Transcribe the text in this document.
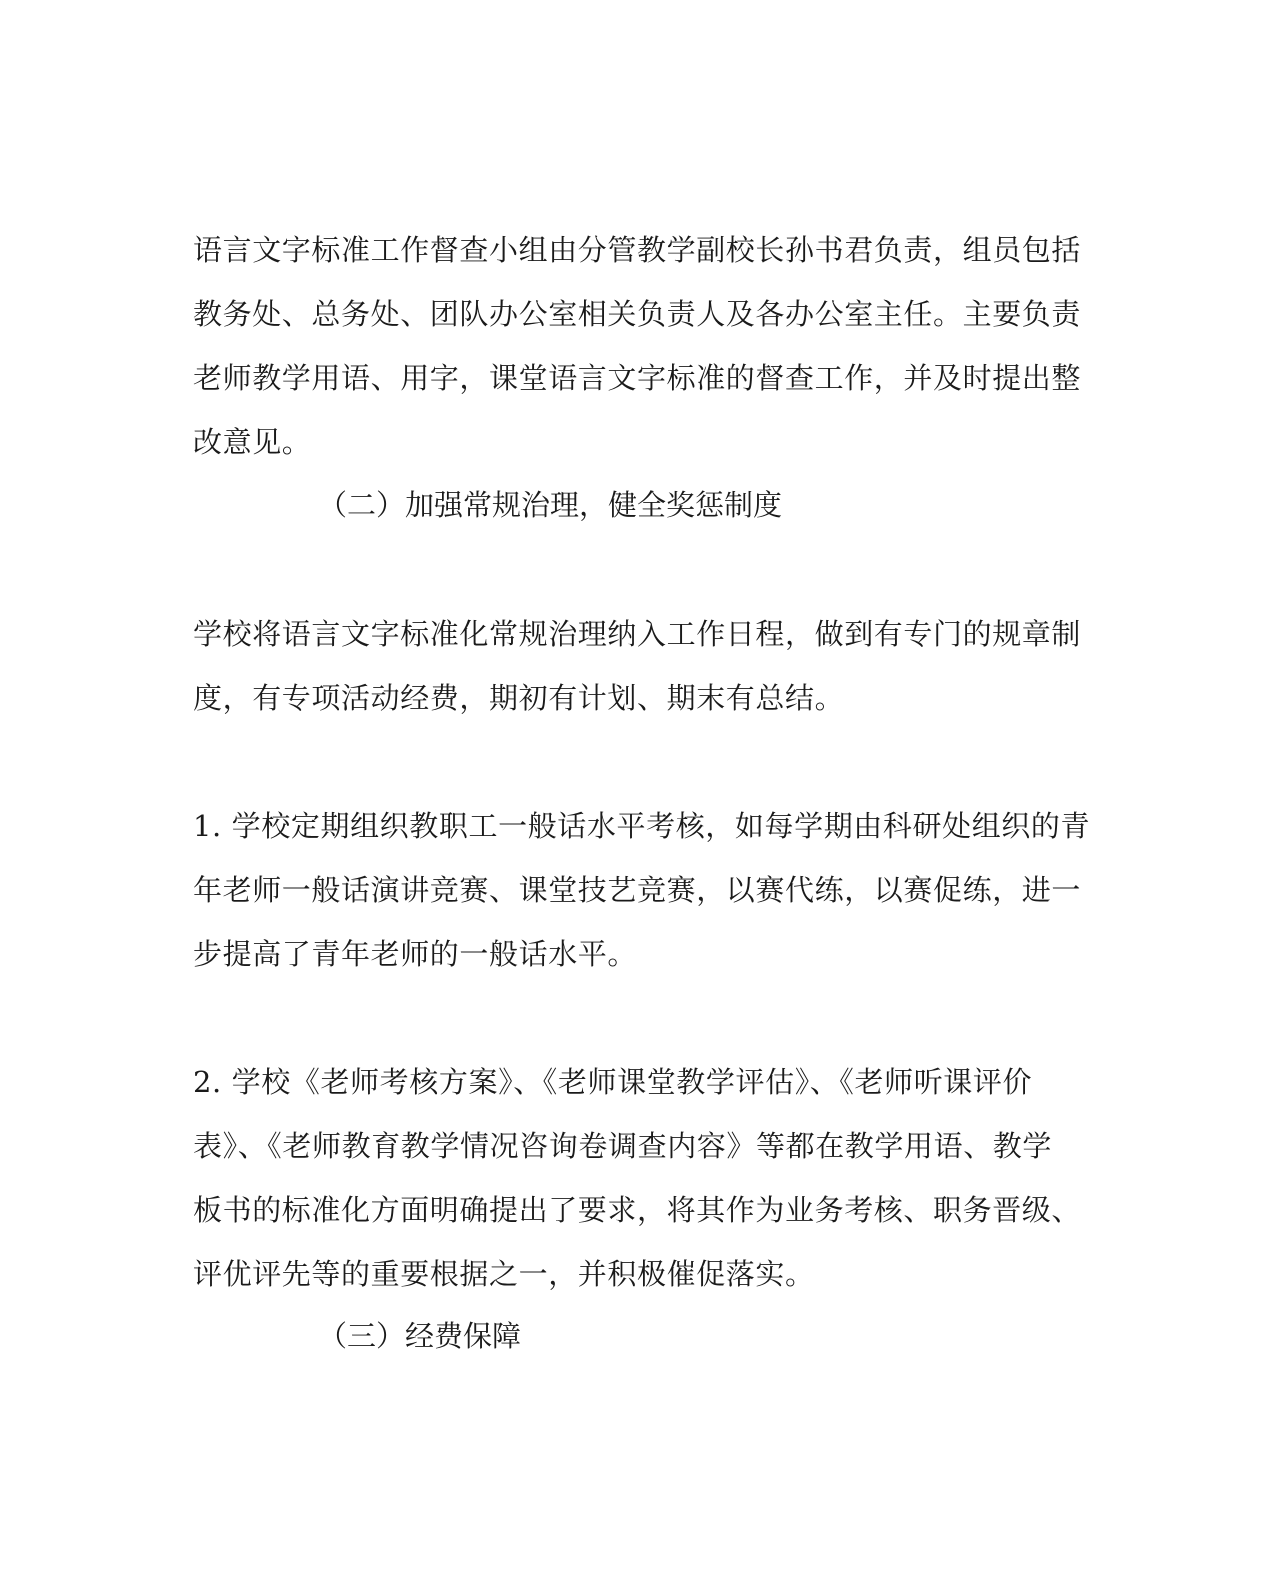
语言文字标准工作督查小组由分管教学副校长孙书君负责，组员包括
教务处、总务处、团队办公室相关负责人及各办公室主任。主要负责
老师教学用语、用字，课堂语言文字标准的督查工作，并及时提出整
改意见。
（二）加强常规治理，健全奖惩制度
学校将语言文字标准化常规治理纳入工作日程，做到有专门的规章制
度，有专项活动经费，期初有计划、期末有总结。
1. 学校定期组织教职工一般话水平考核，如每学期由科研处组织的青
年老师一般话演讲竞赛、课堂技艺竞赛，以赛代练，以赛促练，进一
步提高了青年老师的一般话水平。
2. 学校《老师考核方案》、《老师课堂教学评估》、《老师听课评价
表》、《老师教育教学情况咨询卷调查内容》等都在教学用语、教学
板书的标准化方面明确提出了要求，将其作为业务考核、职务晋级、
评优评先等的重要根据之一，并积极催促落实。
（三）经费保障
